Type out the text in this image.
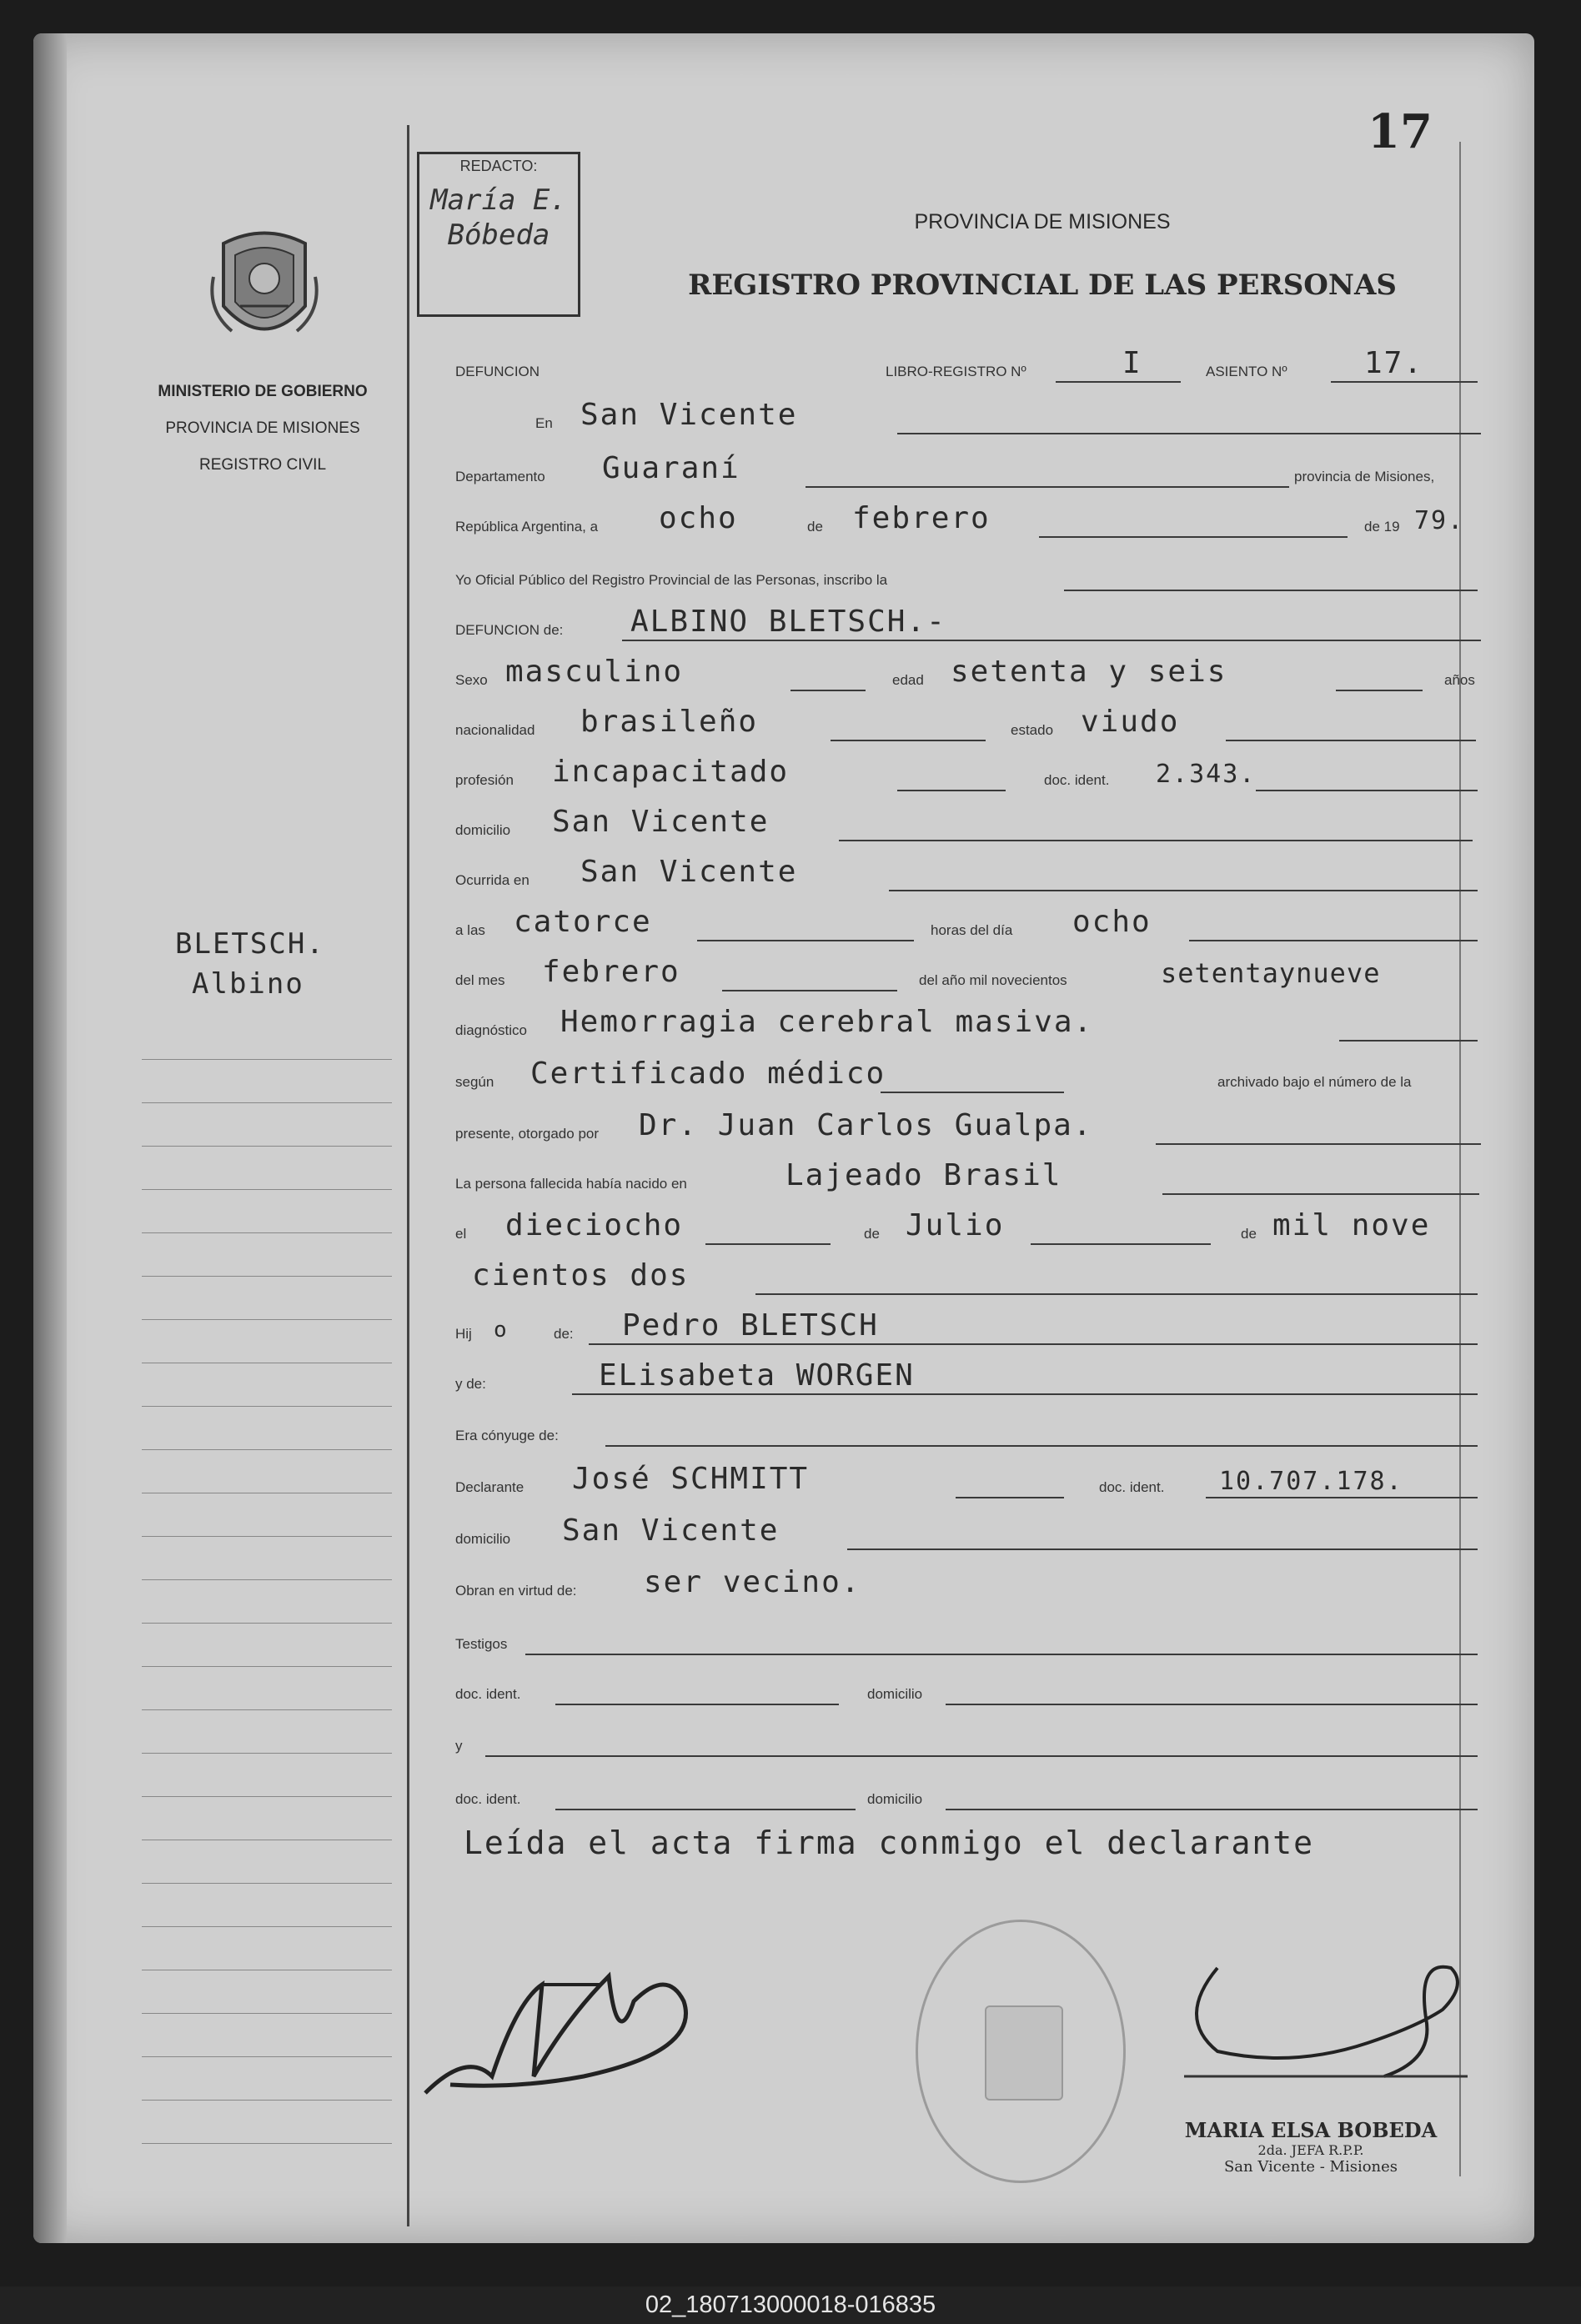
17
REDACTO:
María E. Bóbeda
MINISTERIO DE GOBIERNO
PROVINCIA DE MISIONES
REGISTRO CIVIL
PROVINCIA DE MISIONES
REGISTRO PROVINCIAL DE LAS PERSONAS
BLETSCH.
Albino
DEFUNCION	LIBRO-REGISTRO Nº	I	ASIENTO Nº	17.
En San Vicente
Departamento Guaraní	provincia de Misiones,
República Argentina, a ocho	de febrero	de 19 79.
Yo Oficial Público del Registro Provincial de las Personas, inscribo la
DEFUNCION de: ALBINO BLETSCH.-
Sexo masculino	edad setenta y seis	años
nacionalidad brasileño	estado viudo
profesión incapacitado	doc. ident. 2.343.
domicilio San Vicente
Ocurrida en San Vicente
a las catorce	horas del día ocho
del mes febrero	del año mil novecientos	setentaynueve
diagnóstico Hemorragia cerebral masiva.
según Certificado médico	archivado bajo el número de la
presente, otorgado por Dr. Juan Carlos Gualpa.
La persona fallecida había nacido en	Lajeado Brasil
el dieciocho	de Julio	de mil nove
cientos dos
Hij o	de: Pedro BLETSCH
y de:	ELisabeta WORGEN
Era cónyuge de:
Declarante José SCHMITT	doc. ident. 10.707.178.
domicilio San Vicente
Obran en virtud de: ser vecino.
Testigos
doc. ident.	domicilio
y
doc. ident.	domicilio
Leída el acta firma conmigo el declarante
MARIA ELSA BOBEDA
2da. JEFA R.P.P.
San Vicente - Misiones
02_180713000018-016835
